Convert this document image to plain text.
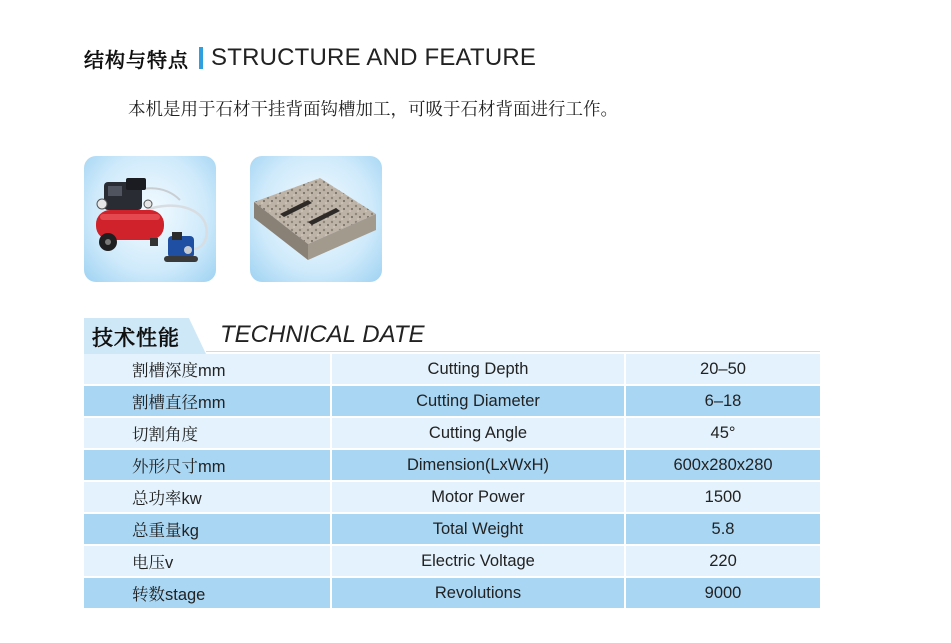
结构与特点 STRUCTURE AND FEATURE
本机是用于石材干挂背面钩槽加工，可吸于石材背面进行工作。
技术性能 TECHNICAL DATE
割槽深度mm	Cutting Depth	20–50
割槽直径mm	Cutting Diameter	6–18
切割角度	Cutting Angle	45°
外形尺寸mm	Dimension(LxWxH)	600x280x280
总功率kw	Motor Power	1500
总重量kg	Total Weight	5.8
电压v	Electric Voltage	220
转数stage	Revolutions	9000
